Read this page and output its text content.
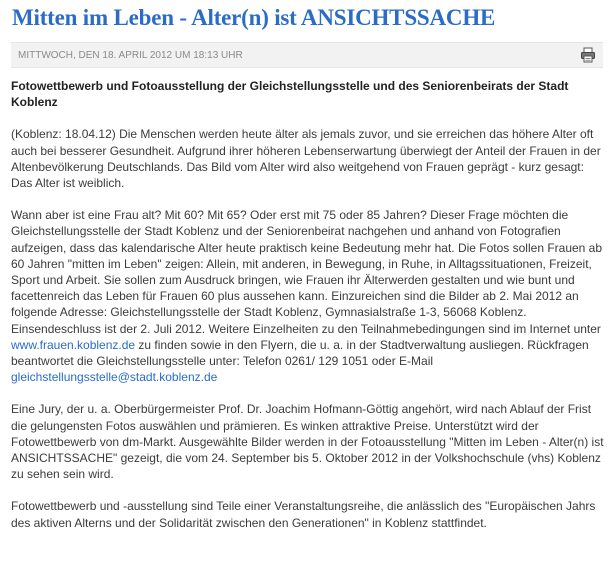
Mitten im Leben - Alter(n) ist ANSICHTSSACHE
MITTWOCH, DEN 18. APRIL 2012 UM 18:13 UHR

Fotowettbewerb und Fotoausstellung der Gleichstellungsstelle und des Seniorenbeirats der Stadt Koblenz

(Koblenz: 18.04.12) Die Menschen werden heute älter als jemals zuvor, und sie erreichen das höhere Alter oft auch bei besserer Gesundheit. Aufgrund ihrer höheren Lebenserwartung überwiegt der Anteil der Frauen in der Altenbevölkerung Deutschlands. Das Bild vom Alter wird also weitgehend von Frauen geprägt - kurz gesagt: Das Alter ist weiblich.

Wann aber ist eine Frau alt? Mit 60? Mit 65? Oder erst mit 75 oder 85 Jahren? Dieser Frage möchten die Gleichstellungsstelle der Stadt Koblenz und der Seniorenbeirat nachgehen und anhand von Fotografien aufzeigen, dass das kalendarische Alter heute praktisch keine Bedeutung mehr hat. Die Fotos sollen Frauen ab 60 Jahren "mitten im Leben" zeigen: Allein, mit anderen, in Bewegung, in Ruhe, in Alltagssituationen, Freizeit, Sport und Arbeit. Sie sollen zum Ausdruck bringen, wie Frauen ihr Älterwerden gestalten und wie bunt und facettenreich das Leben für Frauen 60 plus aussehen kann. Einzureichen sind die Bilder ab 2. Mai 2012 an folgende Adresse: Gleichstellungsstelle der Stadt Koblenz, Gymnasialstraße 1-3, 56068 Koblenz. Einsendeschluss ist der 2. Juli 2012. Weitere Einzelheiten zu den Teilnahmebedingungen sind im Internet unter www.frauen.koblenz.de zu finden sowie in den Flyern, die u. a. in der Stadtverwaltung ausliegen. Rückfragen beantwortet die Gleichstellungsstelle unter: Telefon 0261/ 129 1051 oder E-Mail gleichstellungsstelle@stadt.koblenz.de

Eine Jury, der u. a. Oberbürgermeister Prof. Dr. Joachim Hofmann-Göttig angehört, wird nach Ablauf der Frist die gelungensten Fotos auswählen und prämieren. Es winken attraktive Preise. Unterstützt wird der Fotowettbewerb von dm-Markt. Ausgewählte Bilder werden in der Fotoausstellung "Mitten im Leben - Alter(n) ist ANSICHTSSACHE" gezeigt, die vom 24. September bis 5. Oktober 2012 in der Volkshochschule (vhs) Koblenz zu sehen sein wird.

Fotowettbewerb und -ausstellung sind Teile einer Veranstaltungsreihe, die anlässlich des "Europäischen Jahrs des aktiven Alterns und der Solidarität zwischen den Generationen" in Koblenz stattfindet.
